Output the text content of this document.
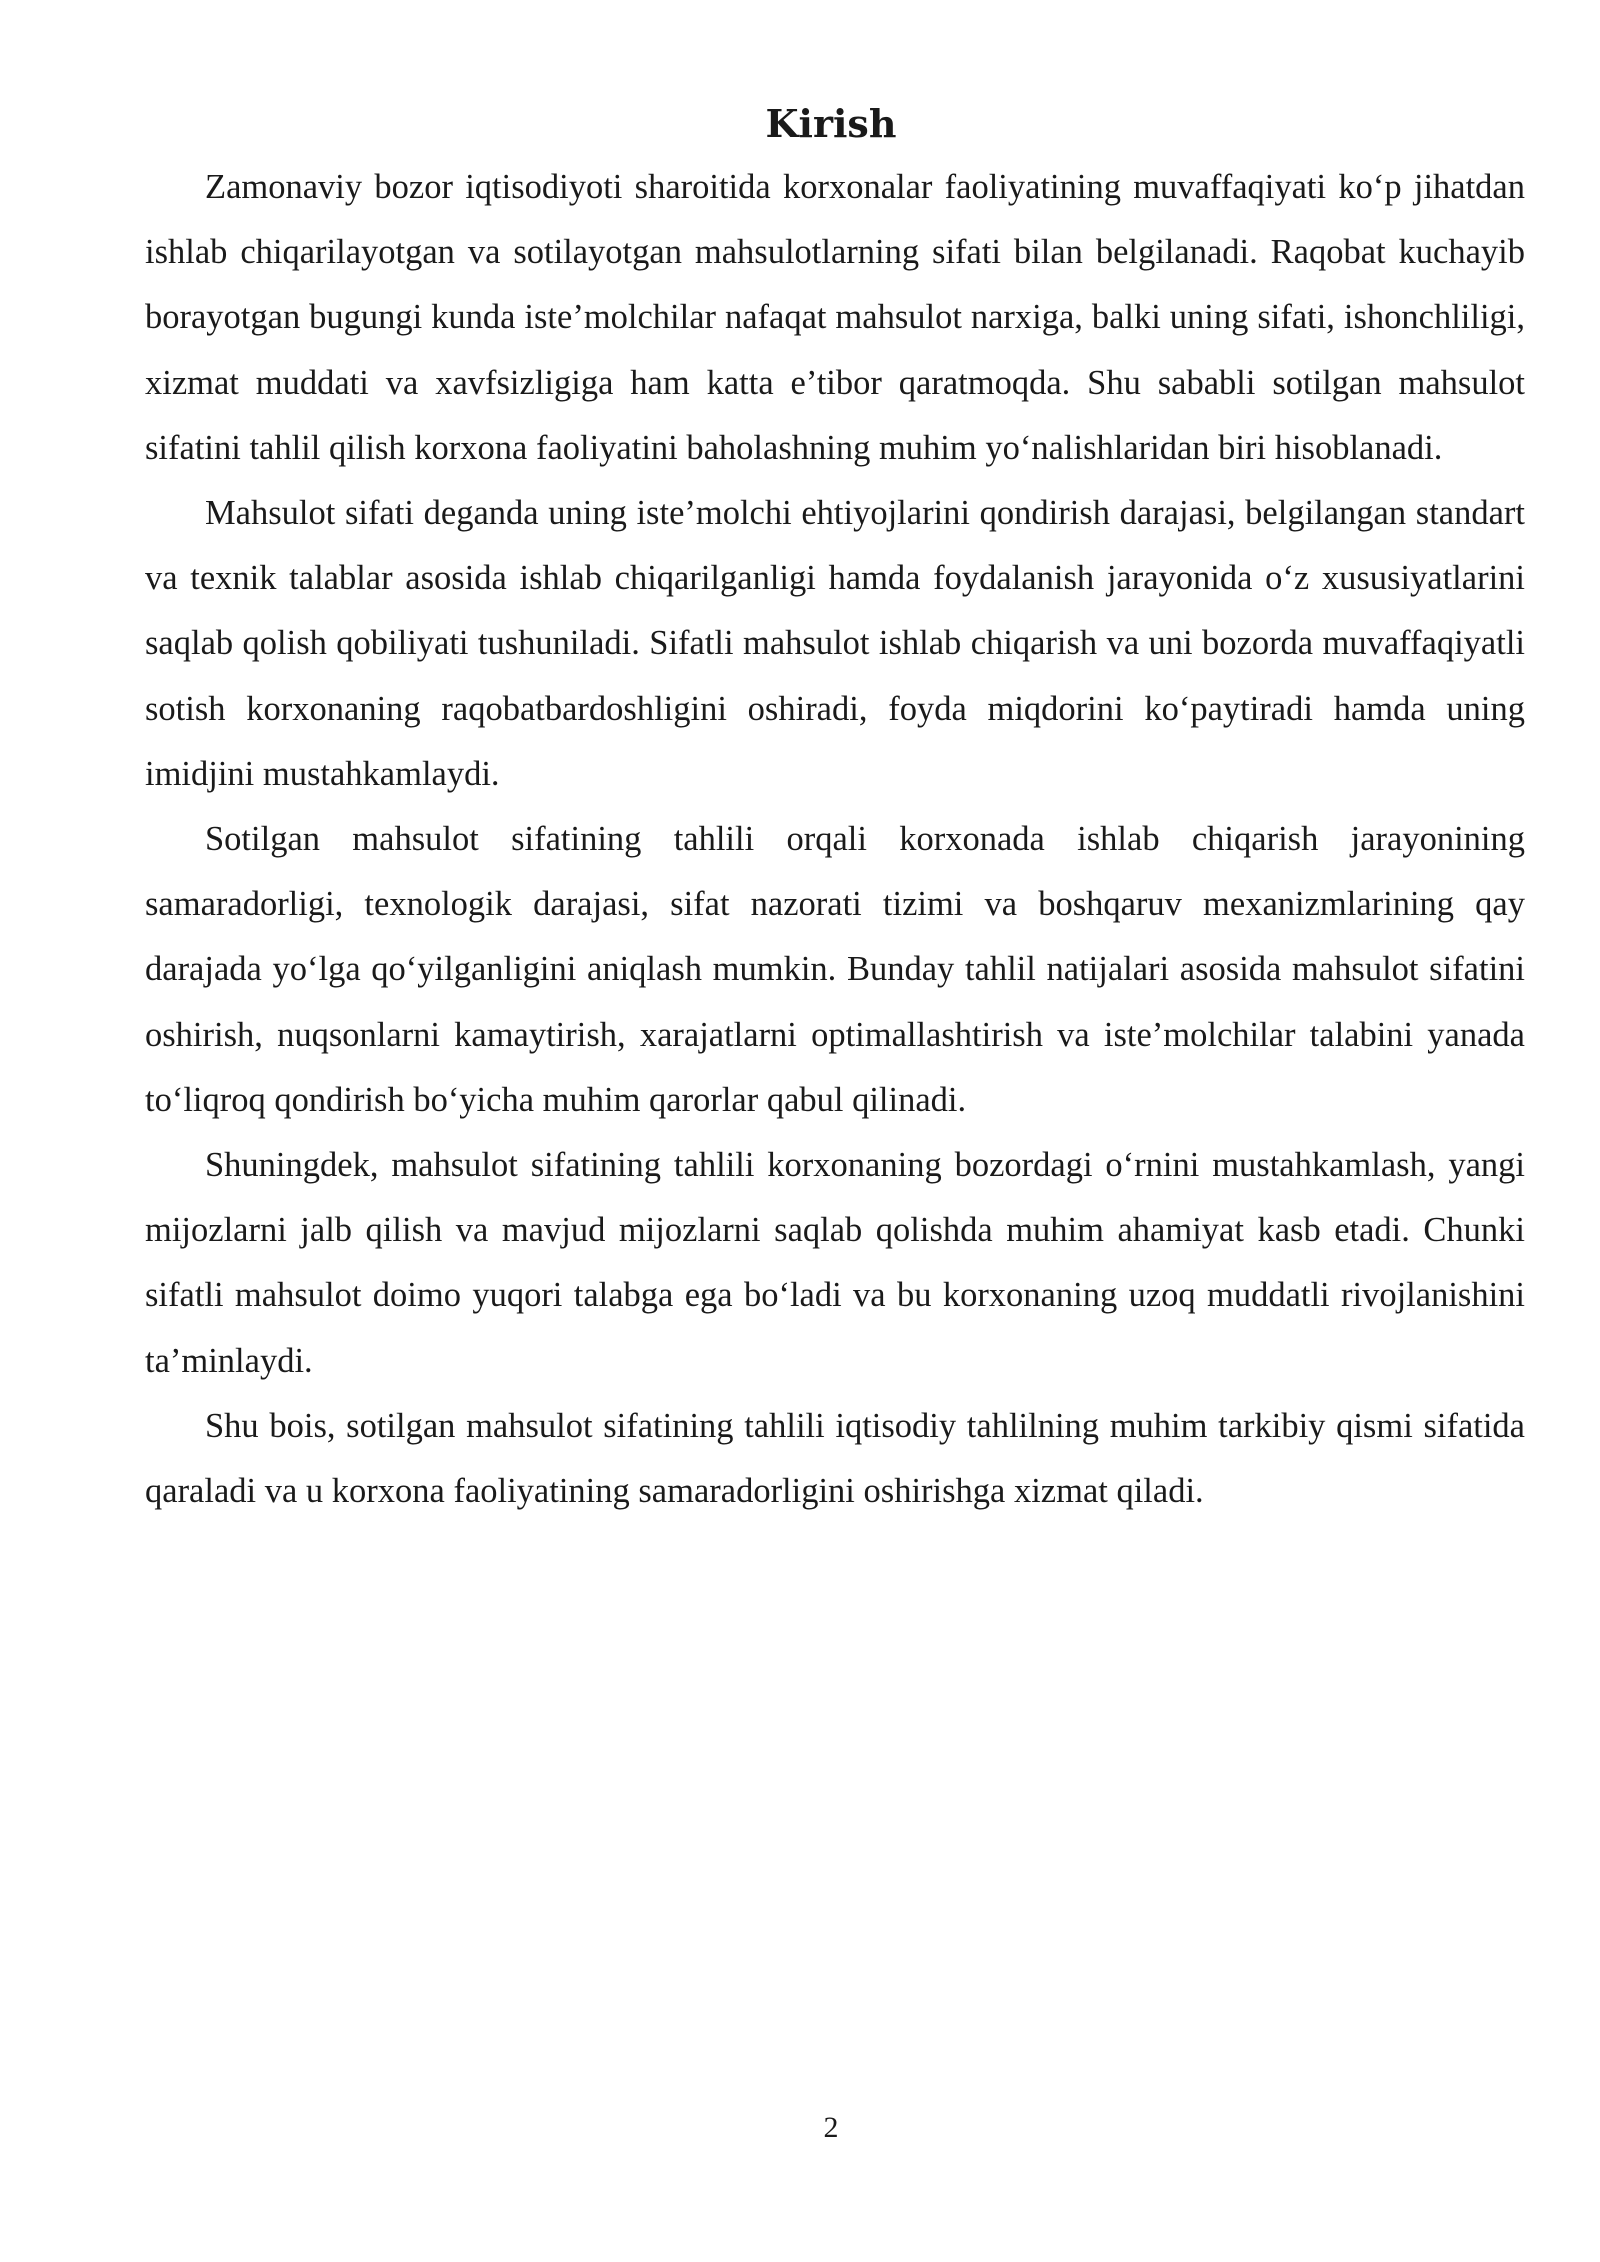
Kirish

Zamonaviy bozor iqtisodiyoti sharoitida korxonalar faoliyatining muvaffaqiyati ko‘p jihatdan ishlab chiqarilayotgan va sotilayotgan mahsulotlarning sifati bilan belgilanadi. Raqobat kuchayib borayotgan bugungi kunda iste’molchilar nafaqat mahsulot narxiga, balki uning sifati, ishonchliligi, xizmat muddati va xavfsizligiga ham katta e’tibor qaratmoqda. Shu sababli sotilgan mahsulot sifatini tahlil qilish korxona faoliyatini baholashning muhim yo‘nalishlaridan biri hisoblanadi.

Mahsulot sifati deganda uning iste’molchi ehtiyojlarini qondirish darajasi, belgilangan standart va texnik talablar asosida ishlab chiqarilganligi hamda foydalanish jarayonida o‘z xususiyatlarini saqlab qolish qobiliyati tushuniladi. Sifatli mahsulot ishlab chiqarish va uni bozorda muvaffaqiyatli sotish korxonaning raqobatbardoshligini oshiradi, foyda miqdorini ko‘paytiradi hamda uning imidjini mustahkamlaydi.

Sotilgan mahsulot sifatining tahlili orqali korxonada ishlab chiqarish jarayonining samaradorligi, texnologik darajasi, sifat nazorati tizimi va boshqaruv mexanizmlarining qay darajada yo‘lga qo‘yilganligini aniqlash mumkin. Bunday tahlil natijalari asosida mahsulot sifatini oshirish, nuqsonlarni kamaytirish, xarajatlarni optimallashtirish va iste’molchilar talabini yanada to‘liqroq qondirish bo‘yicha muhim qarorlar qabul qilinadi.

Shuningdek, mahsulot sifatining tahlili korxonaning bozordagi o‘rnini mustahkamlash, yangi mijozlarni jalb qilish va mavjud mijozlarni saqlab qolishda muhim ahamiyat kasb etadi. Chunki sifatli mahsulot doimo yuqori talabga ega bo‘ladi va bu korxonaning uzoq muddatli rivojlanishini ta’minlaydi.

Shu bois, sotilgan mahsulot sifatining tahlili iqtisodiy tahlilning muhim tarkibiy qismi sifatida qaraladi va u korxona faoliyatining samaradorligini oshirishga xizmat qiladi.

2
